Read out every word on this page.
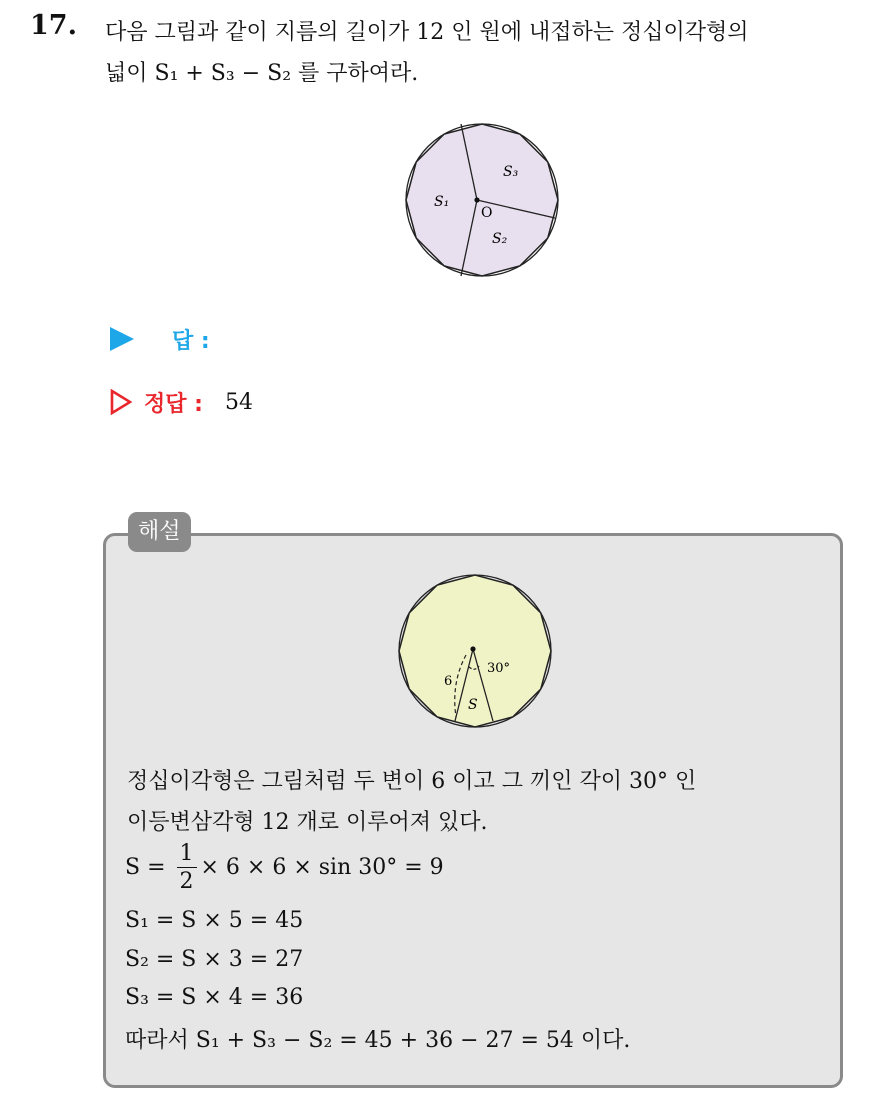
17. 다음 그림과 같이 지름의 길이가 12 인 원에 내접하는 정십이각형의
넓이 S₁ + S₃ − S₂ 를 구하여라.
S₁
S₃
S₂
O
답 :
정답 : 54
해설
6
30°
S
정십이각형은 그림처럼 두 변이 6 이고 그 끼인 각이 30° 인
이등변삼각형 12 개로 이루어져 있다.
$S = \frac{1}{2} \times 6 \times 6 \times \sin 30^\circ = 9$
S₁ = S × 5 = 45
S₂ = S × 3 = 27
S₃ = S × 4 = 36
따라서 S₁ + S₃ − S₂ = 45 + 36 − 27 = 54 이다.
